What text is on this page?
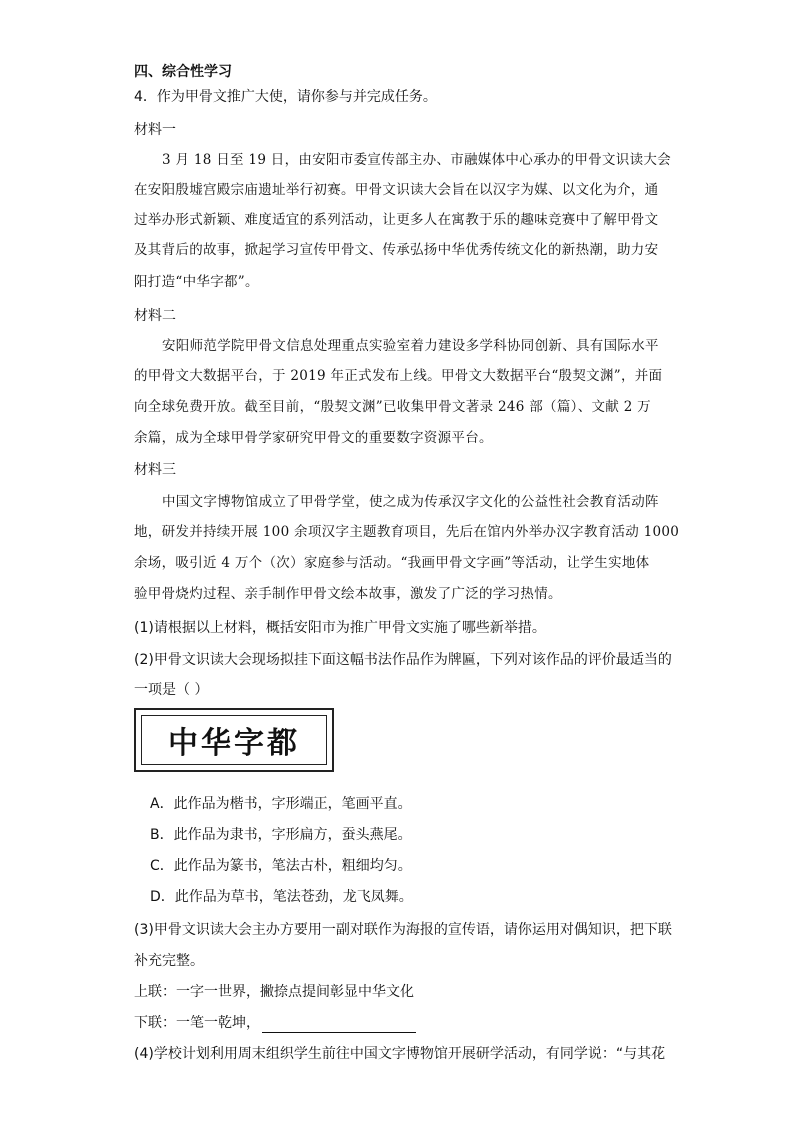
四、综合性学习
4．作为甲骨文推广大使，请你参与并完成任务。
材料一
3 月 18 日至 19 日，由安阳市委宣传部主办、市融媒体中心承办的甲骨文识读大会
在安阳殷墟宫殿宗庙遗址举行初赛。甲骨文识读大会旨在以汉字为媒、以文化为介，通
过举办形式新颖、难度适宜的系列活动，让更多人在寓教于乐的趣味竞赛中了解甲骨文
及其背后的故事，掀起学习宣传甲骨文、传承弘扬中华优秀传统文化的新热潮，助力安
阳打造“中华字都”。
材料二
安阳师范学院甲骨文信息处理重点实验室着力建设多学科协同创新、具有国际水平
的甲骨文大数据平台，于 2019 年正式发布上线。甲骨文大数据平台“殷契文渊”，并面
向全球免费开放。截至目前，“殷契文渊”已收集甲骨文著录 246 部（篇）、文献 2 万
余篇，成为全球甲骨学家研究甲骨文的重要数字资源平台。
材料三
中国文字博物馆成立了甲骨学堂，使之成为传承汉字文化的公益性社会教育活动阵
地，研发并持续开展 100 余项汉字主题教育项目，先后在馆内外举办汉字教育活动 1000
余场，吸引近 4 万个（次）家庭参与活动。“我画甲骨文字画”等活动，让学生实地体
验甲骨烧灼过程、亲手制作甲骨文绘本故事，激发了广泛的学习热情。
(1)请根据以上材料，概括安阳市为推广甲骨文实施了哪些新举措。
(2)甲骨文识读大会现场拟挂下面这幅书法作品作为牌匾，下列对该作品的评价最适当的
一项是（ ）
中华字都
A．此作品为楷书，字形端正，笔画平直。
B．此作品为隶书，字形扁方，蚕头燕尾。
C．此作品为篆书，笔法古朴，粗细均匀。
D．此作品为草书，笔法苍劲，龙飞凤舞。
(3)甲骨文识读大会主办方要用一副对联作为海报的宣传语，请你运用对偶知识，把下联
补充完整。
上联：一字一世界，撇捺点提间彰显中华文化
下联：一笔一乾坤，
(4)学校计划利用周末组织学生前往中国文字博物馆开展研学活动，有同学说：“与其花
